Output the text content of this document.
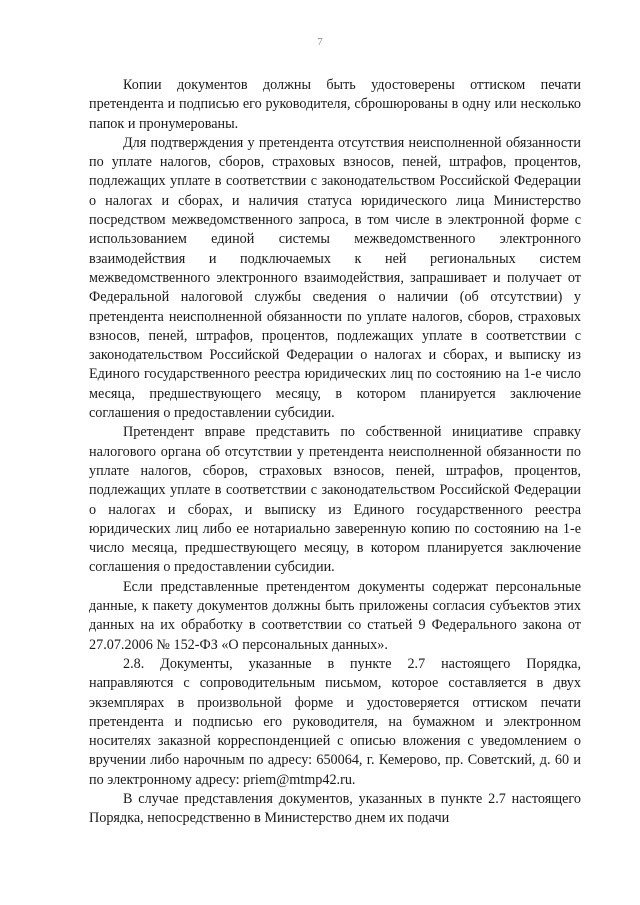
7

Копии документов должны быть удостоверены оттиском печати претендента и подписью его руководителя, сброшюрованы в одну или несколько папок и пронумерованы.

Для подтверждения у претендента отсутствия неисполненной обязанности по уплате налогов, сборов, страховых взносов, пеней, штрафов, процентов, подлежащих уплате в соответствии с законодательством Российской Федерации о налогах и сборах, и наличия статуса юридического лица Министерство посредством межведомственного запроса, в том числе в электронной форме с использованием единой системы межведомственного электронного взаимодействия и подключаемых к ней региональных систем межведомственного электронного взаимодействия, запрашивает и получает от Федеральной налоговой службы сведения о наличии (об отсутствии) у претендента неисполненной обязанности по уплате налогов, сборов, страховых взносов, пеней, штрафов, процентов, подлежащих уплате в соответствии с законодательством Российской Федерации о налогах и сборах, и выписку из Единого государственного реестра юридических лиц по состоянию на 1-е число месяца, предшествующего месяцу, в котором планируется заключение соглашения о предоставлении субсидии.

Претендент вправе представить по собственной инициативе справку налогового органа об отсутствии у претендента неисполненной обязанности по уплате налогов, сборов, страховых взносов, пеней, штрафов, процентов, подлежащих уплате в соответствии с законодательством Российской Федерации о налогах и сборах, и выписку из Единого государственного реестра юридических лиц либо ее нотариально заверенную копию по состоянию на 1-е число месяца, предшествующего месяцу, в котором планируется заключение соглашения о предоставлении субсидии.

Если представленные претендентом документы содержат персональные данные, к пакету документов должны быть приложены согласия субъектов этих данных на их обработку в соответствии со статьей 9 Федерального закона от 27.07.2006 № 152-ФЗ «О персональных данных».

2.8. Документы, указанные в пункте 2.7 настоящего Порядка, направляются с сопроводительным письмом, которое составляется в двух экземплярах в произвольной форме и удостоверяется оттиском печати претендента и подписью его руководителя, на бумажном и электронном носителях заказной корреспонденцией с описью вложения с уведомлением о вручении либо нарочным по адресу: 650064, г. Кемерово, пр. Советский, д. 60 и по электронному адресу: priem@mtmp42.ru.

В случае представления документов, указанных в пункте 2.7 настоящего Порядка, непосредственно в Министерство днем их подачи
